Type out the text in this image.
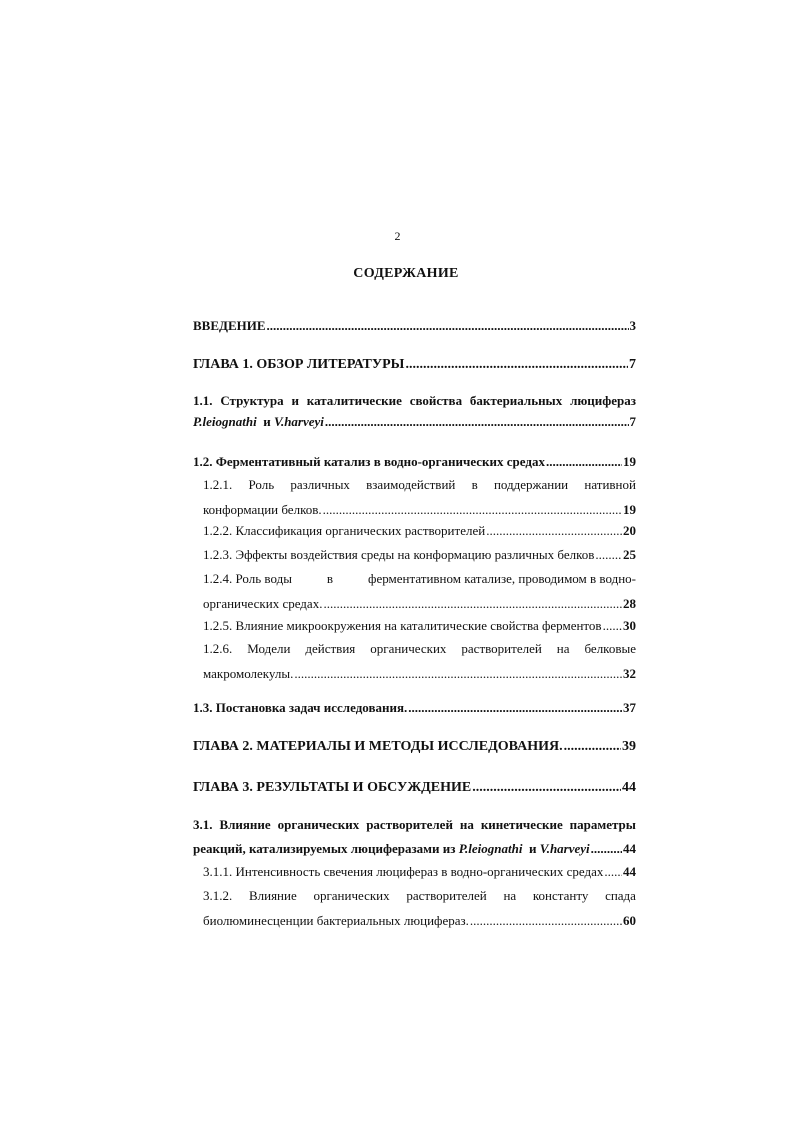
2
СОДЕРЖАНИЕ
ВВЕДЕНИЕ .....	3
ГЛАВА 1. ОБЗОР ЛИТЕРАТУРЫ .....	7
1.1. Структура и каталитические свойства бактериальных люцифераз
P.leiognathi
и
V.harveyi .....	7
1.2. Ферментативный катализ в водно-органических средах .....	19
1.2.1. Роль различных взаимодействий в поддержании нативной
конформации белков. .....	19
1.2.2. Классификация органических растворителей .....	20
1.2.3. Эффекты воздействия среды на конформацию различных белков ..... 25
1.2.4. Роль воды	в	ферментативном катализе, проводимом в водно-
органических средах. .....	28
1.2.5. Влияние микроокружения на каталитические свойства ферментов ..... 30
1.2.6. Модели действия органических растворителей на белковые
макромолекулы. .....	32
1.3. Постановка задач исследования. .....	37
ГЛАВА 2. МАТЕРИАЛЫ И МЕТОДЫ ИССЛЕДОВАНИЯ. .....	39
ГЛАВА 3. РЕЗУЛЬТАТЫ И ОБСУЖДЕНИЕ .....	44
3.1. Влияние органических растворителей на кинетические параметры
реакций, катализируемых люциферазами из
P.leiognathi
и
V.harveyi .....	44
3.1.1. Интенсивность свечения люцифераз в водно-органических средах ..... 44
3.1.2. Влияние органических растворителей на константу спада
биолюминесценции бактериальных люцифераз. .....	60
